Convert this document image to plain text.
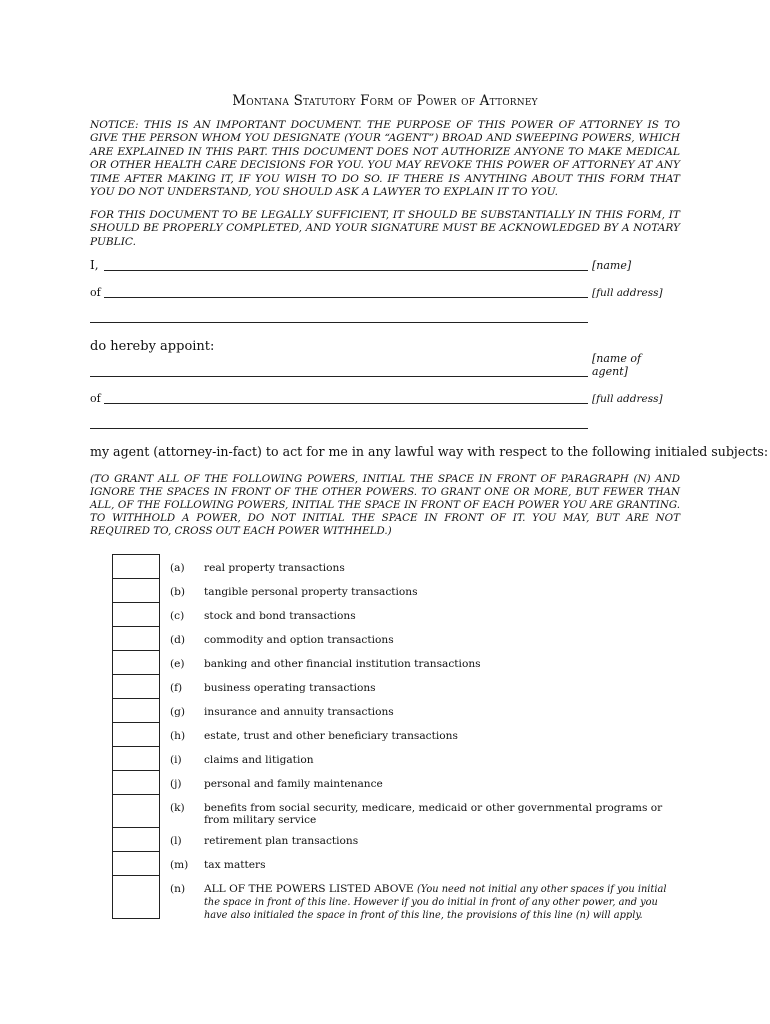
Montana Statutory Form of Power of Attorney
NOTICE: THIS IS AN IMPORTANT DOCUMENT. THE PURPOSE OF THIS POWER OF ATTORNEY IS TO GIVE THE PERSON WHOM YOU DESIGNATE (YOUR “AGENT”) BROAD AND SWEEPING POWERS, WHICH ARE EXPLAINED IN THIS PART. THIS DOCUMENT DOES NOT AUTHORIZE ANYONE TO MAKE MEDICAL OR OTHER HEALTH CARE DECISIONS FOR YOU. YOU MAY REVOKE THIS POWER OF ATTORNEY AT ANY TIME AFTER MAKING IT, IF YOU WISH TO DO SO. IF THERE IS ANYTHING ABOUT THIS FORM THAT YOU DO NOT UNDERSTAND, YOU SHOULD ASK A LAWYER TO EXPLAIN IT TO YOU.
FOR THIS DOCUMENT TO BE LEGALLY SUFFICIENT, IT SHOULD BE SUBSTANTIALLY IN THIS FORM, IT SHOULD BE PROPERLY COMPLETED, AND YOUR SIGNATURE MUST BE ACKNOWLEDGED BY A NOTARY PUBLIC.
I,	[name]
of	[full address]
do hereby appoint:
[name of agent]
of	[full address]
my agent (attorney-in-fact) to act for me in any lawful way with respect to the following initialed subjects:
(TO GRANT ALL OF THE FOLLOWING POWERS, INITIAL THE SPACE IN FRONT OF PARAGRAPH (N) AND IGNORE THE SPACES IN FRONT OF THE OTHER POWERS. TO GRANT ONE OR MORE, BUT FEWER THAN ALL, OF THE FOLLOWING POWERS, INITIAL THE SPACE IN FRONT OF EACH POWER YOU ARE GRANTING. TO WITHHOLD A POWER, DO NOT INITIAL THE SPACE IN FRONT OF IT. YOU MAY, BUT ARE NOT REQUIRED TO, CROSS OUT EACH POWER WITHHELD.)
(a) real property transactions
(b) tangible personal property transactions
(c) stock and bond transactions
(d) commodity and option transactions
(e) banking and other financial institution transactions
(f) business operating transactions
(g) insurance and annuity transactions
(h) estate, trust and other beneficiary transactions
(i) claims and litigation
(j) personal and family maintenance
(k) benefits from social security, medicare, medicaid or other governmental programs or from military service
(l) retirement plan transactions
(m) tax matters
(n) ALL OF THE POWERS LISTED ABOVE (You need not initial any other spaces if you initial the space in front of this line. However if you do initial in front of any other power, and you have also initialed the space in front of this line, the provisions of this line (n) will apply.
